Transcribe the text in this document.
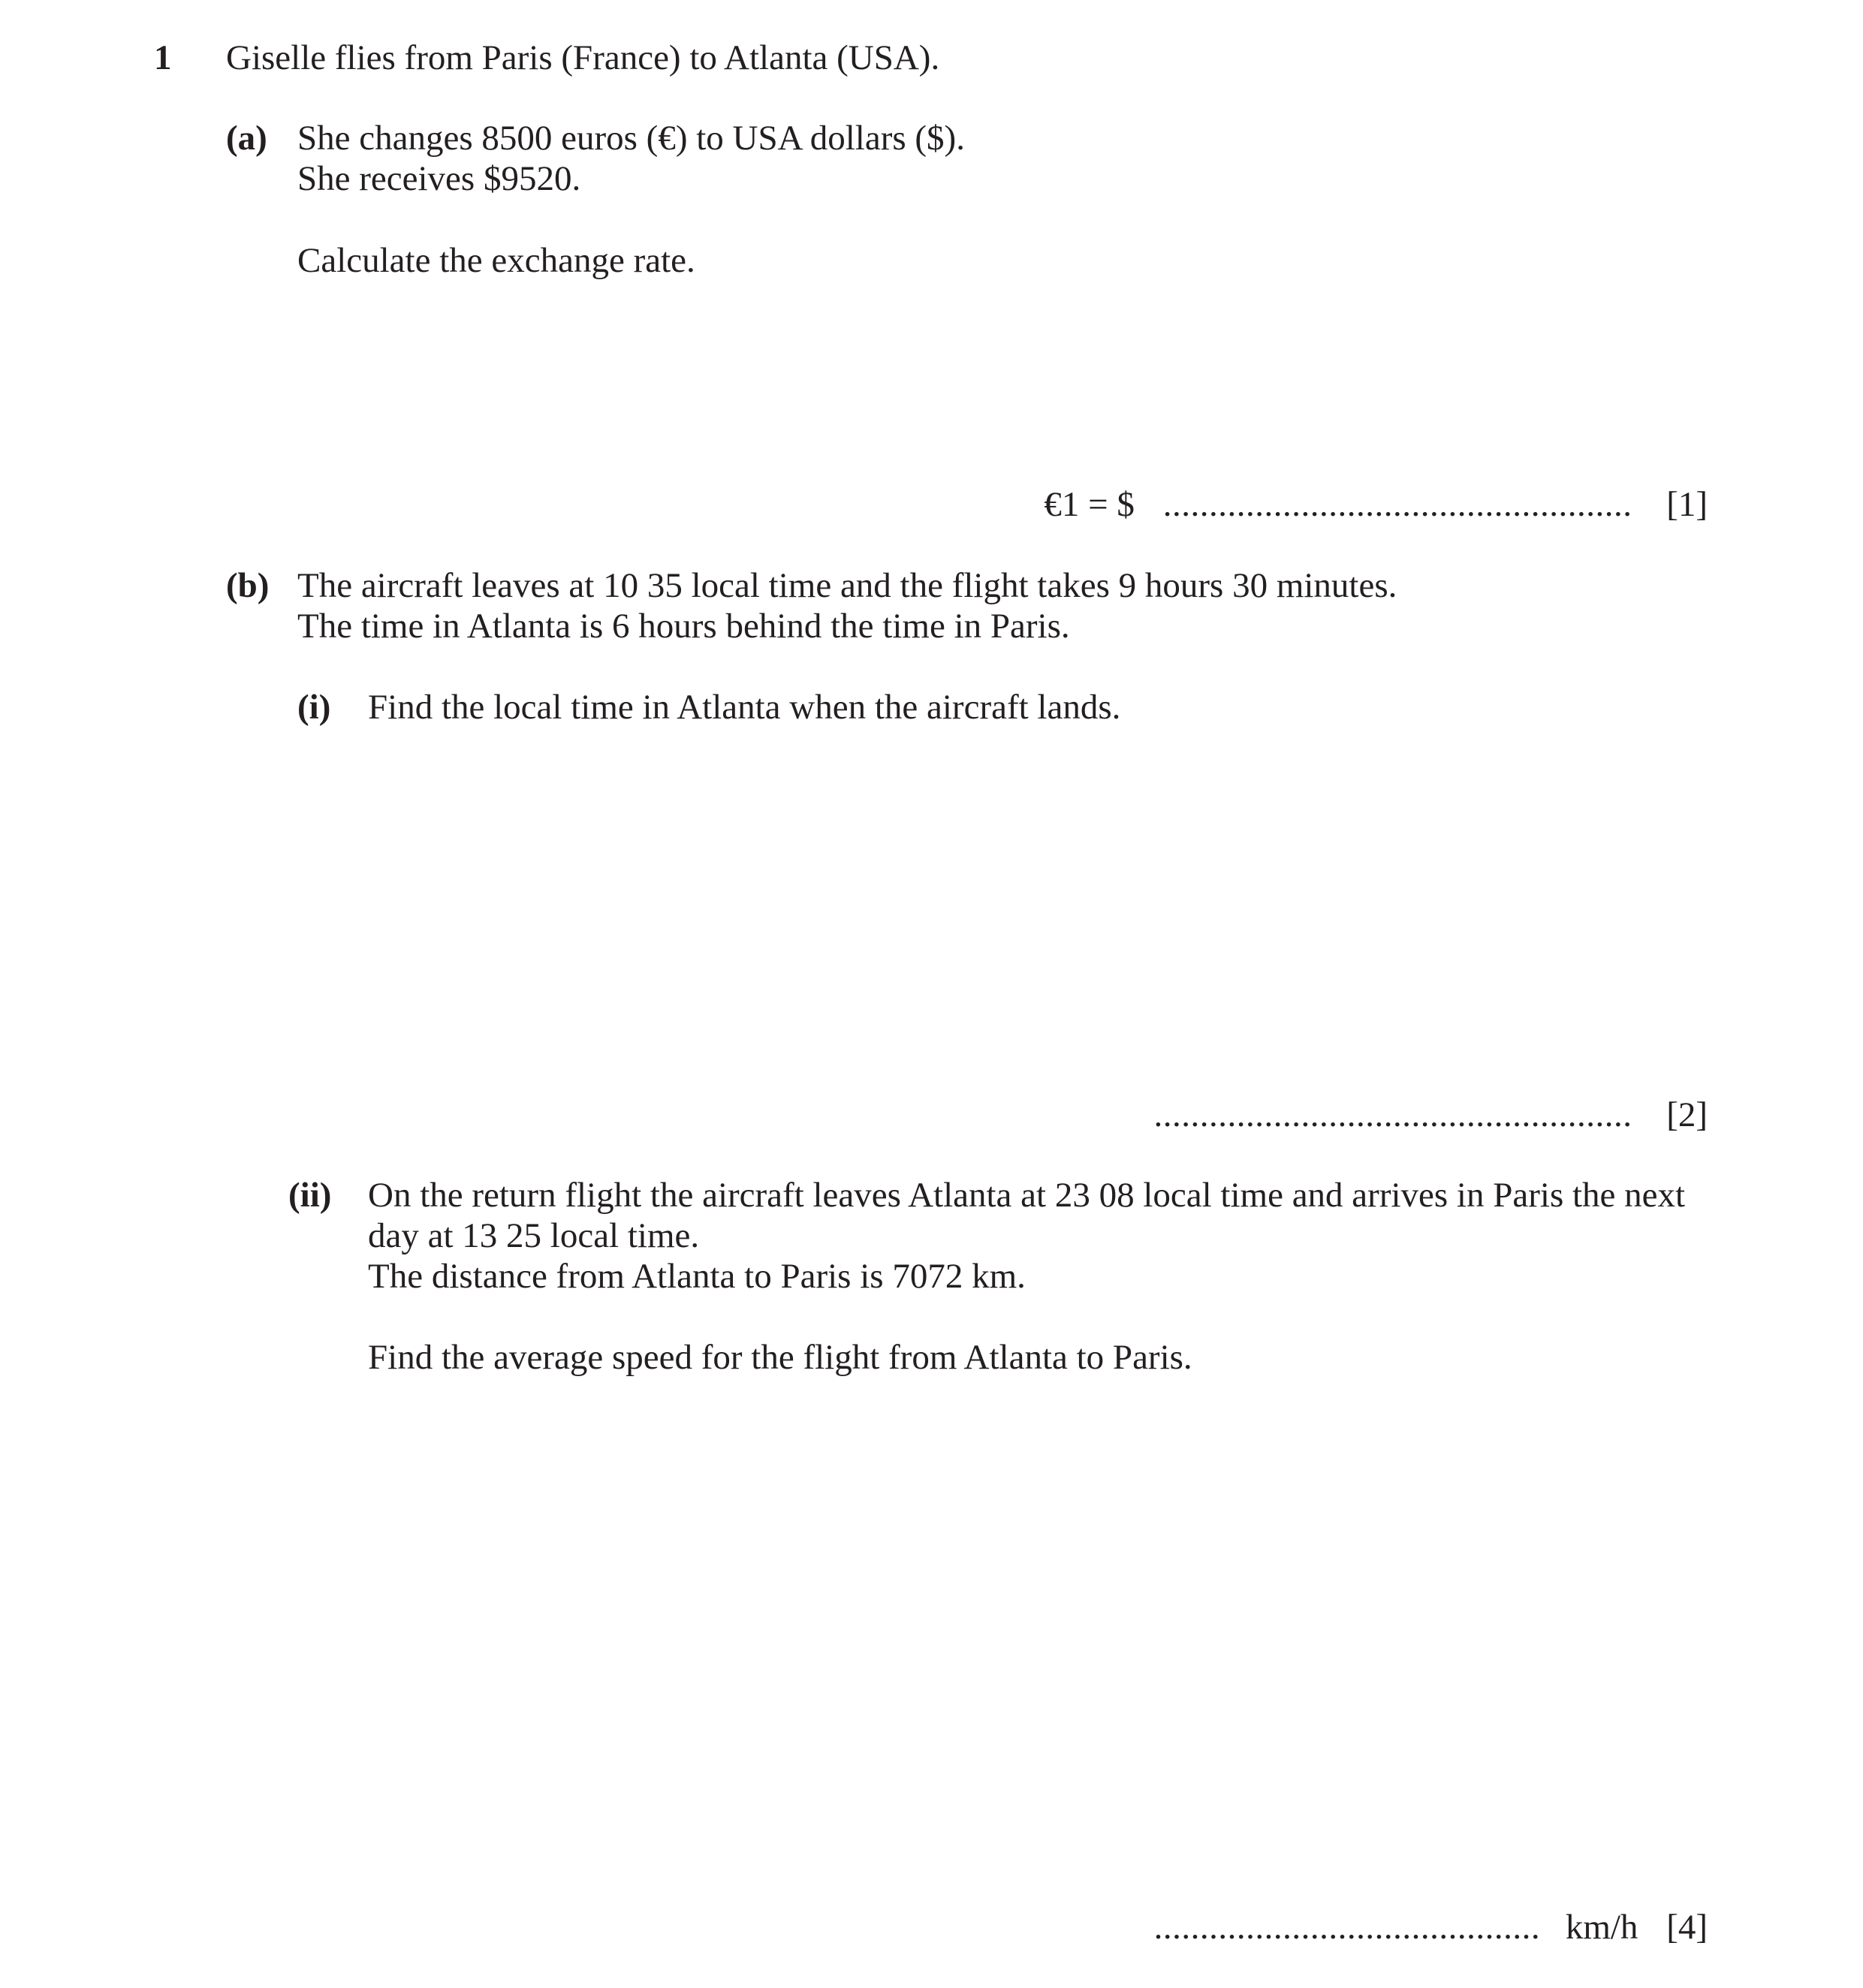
1 Giselle flies from Paris (France) to Atlanta (USA).
(a) She changes 8500 euros (€) to USA dollars ($).
She receives $9520.
Calculate the exchange rate.
€1 = $ ................................................... [1]
(b) The aircraft leaves at 10 35 local time and the flight takes 9 hours 30 minutes.
The time in Atlanta is 6 hours behind the time in Paris.
(i) Find the local time in Atlanta when the aircraft lands.
.................................................... [2]
(ii) On the return flight the aircraft leaves Atlanta at 23 08 local time and arrives in Paris the next
day at 13 25 local time.
The distance from Atlanta to Paris is 7072 km.
Find the average speed for the flight from Atlanta to Paris.
.......................................... km/h [4]
